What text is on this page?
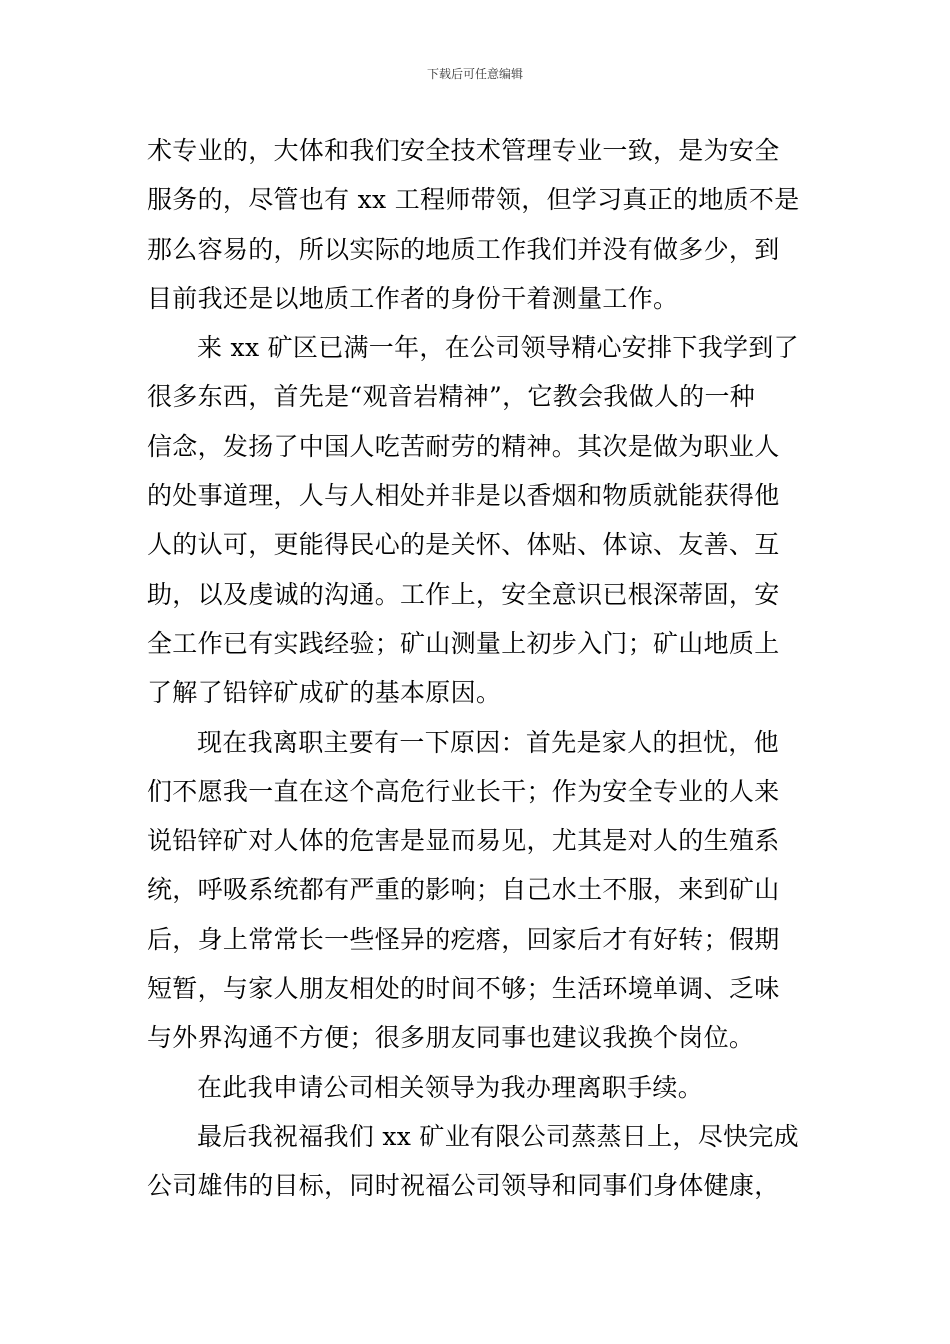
下载后可任意编辑
术专业的，大体和我们安全技术管理专业一致，是为安全
服务的，尽管也有 xx 工程师带领，但学习真正的地质不是
那么容易的，所以实际的地质工作我们并没有做多少，到
目前我还是以地质工作者的身份干着测量工作。
来 xx 矿区已满一年，在公司领导精心安排下我学到了
很多东西，首先是“观音岩精神”，它教会我做人的一种
信念，发扬了中国人吃苦耐劳的精神。其次是做为职业人
的处事道理，人与人相处并非是以香烟和物质就能获得他
人的认可，更能得民心的是关怀、体贴、体谅、友善、互
助，以及虔诚的沟通。工作上，安全意识已根深蒂固，安
全工作已有实践经验；矿山测量上初步入门；矿山地质上
了解了铅锌矿成矿的基本原因。
现在我离职主要有一下原因：首先是家人的担忧，他
们不愿我一直在这个高危行业长干；作为安全专业的人来
说铅锌矿对人体的危害是显而易见，尤其是对人的生殖系
统，呼吸系统都有严重的影响；自己水土不服，来到矿山
后，身上常常长一些怪异的疙瘩，回家后才有好转；假期
短暂，与家人朋友相处的时间不够；生活环境单调、乏味
与外界沟通不方便；很多朋友同事也建议我换个岗位。
在此我申请公司相关领导为我办理离职手续。
最后我祝福我们 xx 矿业有限公司蒸蒸日上，尽快完成
公司雄伟的目标，同时祝福公司领导和同事们身体健康，
